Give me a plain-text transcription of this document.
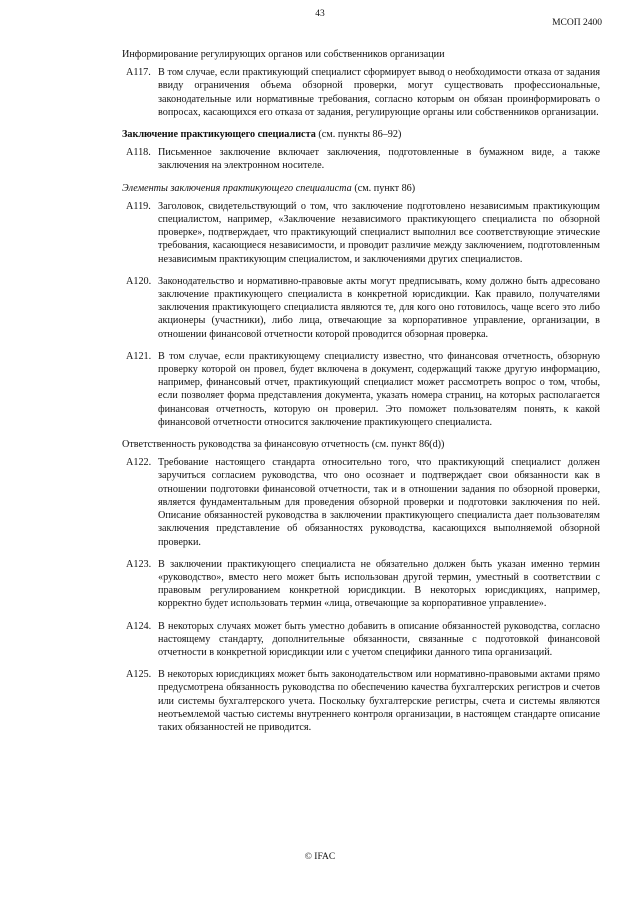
43
МСОП 2400
Информирование регулирующих органов или собственников организации
A117. В том случае, если практикующий специалист сформирует вывод о необходимости отказа от задания ввиду ограничения объема обзорной проверки, могут существовать профессиональные, законодательные или нормативные требования, согласно которым он обязан проинформировать о вопросах, касающихся его отказа от задания, регулирующие органы или собственников организации.
Заключение практикующего специалиста (см. пункты 86–92)
A118. Письменное заключение включает заключения, подготовленные в бумажном виде, а также заключения на электронном носителе.
Элементы заключения практикующего специалиста (см. пункт 86)
A119. Заголовок, свидетельствующий о том, что заключение подготовлено независимым практикующим специалистом, например, «Заключение независимого практикующего специалиста по обзорной проверке», подтверждает, что практикующий специалист выполнил все соответствующие этические требования, касающиеся независимости, и проводит различие между заключением, подготовленным независимым практикующим специалистом, и заключениями других специалистов.
A120. Законодательство и нормативно-правовые акты могут предписывать, кому должно быть адресовано заключение практикующего специалиста в конкретной юрисдикции. Как правило, получателями заключения практикующего специалиста являются те, для кого оно готовилось, чаще всего это либо акционеры (участники), либо лица, отвечающие за корпоративное управление, организации, в отношении финансовой отчетности которой проводится обзорная проверка.
A121. В том случае, если практикующему специалисту известно, что финансовая отчетность, обзорную проверку которой он провел, будет включена в документ, содержащий также другую информацию, например, финансовый отчет, практикующий специалист может рассмотреть вопрос о том, чтобы, если позволяет форма представления документа, указать номера страниц, на которых располагается финансовая отчетность, которую он проверил. Это поможет пользователям понять, к какой финансовой отчетности относится заключение практикующего специалиста.
Ответственность руководства за финансовую отчетность (см. пункт 86(d))
A122. Требование настоящего стандарта относительно того, что практикующий специалист должен заручиться согласием руководства, что оно осознает и подтверждает свои обязанности как в отношении подготовки финансовой отчетности, так и в отношении задания по обзорной проверки, является фундаментальным для проведения обзорной проверки и подготовки заключения по ней. Описание обязанностей руководства в заключении практикующего специалиста дает пользователям заключения представление об обязанностях руководства, касающихся выполняемой обзорной проверки.
A123. В заключении практикующего специалиста не обязательно должен быть указан именно термин «руководство», вместо него может быть использован другой термин, уместный в соответствии с правовым регулированием конкретной юрисдикции. В некоторых юрисдикциях, например, корректно будет использовать термин «лица, отвечающие за корпоративное управление».
A124. В некоторых случаях может быть уместно добавить в описание обязанностей руководства, согласно настоящему стандарту, дополнительные обязанности, связанные с подготовкой финансовой отчетности в конкретной юрисдикции или с учетом специфики данного типа организаций.
A125. В некоторых юрисдикциях может быть законодательством или нормативно-правовыми актами прямо предусмотрена обязанность руководства по обеспечению качества бухгалтерских регистров и счетов или системы бухгалтерского учета. Поскольку бухгалтерские регистры, счета и системы являются неотъемлемой частью системы внутреннего контроля организации, в настоящем стандарте описание таких обязанностей не приводится.
© IFAC
